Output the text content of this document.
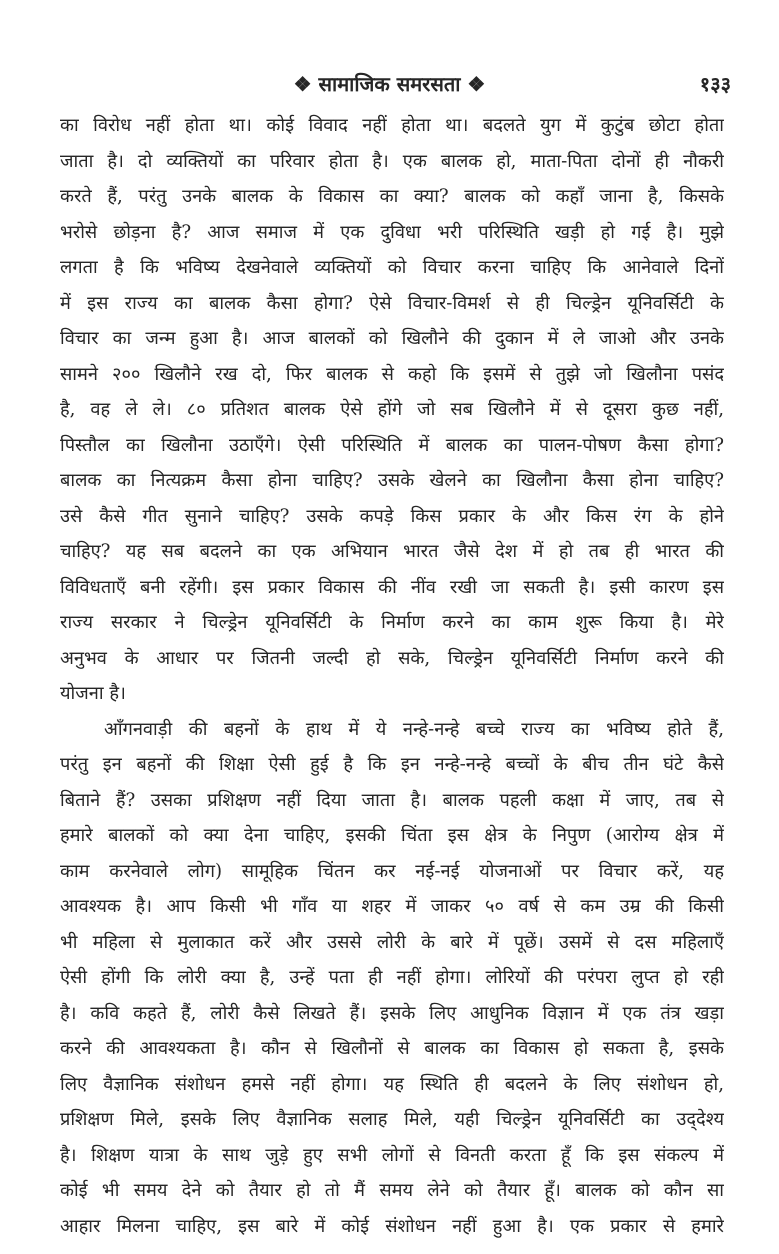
❖ सामाजिक समरसता ❖	१३३
का विरोध नहीं होता था। कोई विवाद नहीं होता था। बदलते युग में कुटुंब छोटा होता
जाता है। दो व्यक्तियों का परिवार होता है। एक बालक हो, माता-पिता दोनों ही नौकरी
करते हैं, परंतु उनके बालक के विकास का क्या? बालक को कहाँ जाना है, किसके
भरोसे छोड़ना है? आज समाज में एक दुविधा भरी परिस्थिति खड़ी हो गई है। मुझे
लगता है कि भविष्य देखनेवाले व्यक्तियों को विचार करना चाहिए कि आनेवाले दिनों
में इस राज्य का बालक कैसा होगा? ऐसे विचार-विमर्श से ही चिल्ड्रेन यूनिवर्सिटी के
विचार का जन्म हुआ है। आज बालकों को खिलौने की दुकान में ले जाओ और उनके
सामने २०० खिलौने रख दो, फिर बालक से कहो कि इसमें से तुझे जो खिलौना पसंद
है, वह ले ले। ८० प्रतिशत बालक ऐसे होंगे जो सब खिलौने में से दूसरा कुछ नहीं,
पिस्तौल का खिलौना उठाएँगे। ऐसी परिस्थिति में बालक का पालन-पोषण कैसा होगा?
बालक का नित्यक्रम कैसा होना चाहिए? उसके खेलने का खिलौना कैसा होना चाहिए?
उसे कैसे गीत सुनाने चाहिए? उसके कपड़े किस प्रकार के और किस रंग के होने
चाहिए? यह सब बदलने का एक अभियान भारत जैसे देश में हो तब ही भारत की
विविधताएँ बनी रहेंगी। इस प्रकार विकास की नींव रखी जा सकती है। इसी कारण इस
राज्य सरकार ने चिल्ड्रेन यूनिवर्सिटी के निर्माण करने का काम शुरू किया है। मेरे
अनुभव के आधार पर जितनी जल्दी हो सके, चिल्ड्रेन यूनिवर्सिटी निर्माण करने की
योजना है।
आँगनवाड़ी की बहनों के हाथ में ये नन्हे-नन्हे बच्चे राज्य का भविष्य होते हैं,
परंतु इन बहनों की शिक्षा ऐसी हुई है कि इन नन्हे-नन्हे बच्चों के बीच तीन घंटे कैसे
बिताने हैं? उसका प्रशिक्षण नहीं दिया जाता है। बालक पहली कक्षा में जाए, तब से
हमारे बालकों को क्या देना चाहिए, इसकी चिंता इस क्षेत्र के निपुण (आरोग्य क्षेत्र में
काम करनेवाले लोग) सामूहिक चिंतन कर नई-नई योजनाओं पर विचार करें, यह
आवश्यक है। आप किसी भी गाँव या शहर में जाकर ५० वर्ष से कम उम्र की किसी
भी महिला से मुलाकात करें और उससे लोरी के बारे में पूछें। उसमें से दस महिलाएँ
ऐसी होंगी कि लोरी क्या है, उन्हें पता ही नहीं होगा। लोरियों की परंपरा लुप्त हो रही
है। कवि कहते हैं, लोरी कैसे लिखते हैं। इसके लिए आधुनिक विज्ञान में एक तंत्र खड़ा
करने की आवश्यकता है। कौन से खिलौनों से बालक का विकास हो सकता है, इसके
लिए वैज्ञानिक संशोधन हमसे नहीं होगा। यह स्थिति ही बदलने के लिए संशोधन हो,
प्रशिक्षण मिले, इसके लिए वैज्ञानिक सलाह मिले, यही चिल्ड्रेन यूनिवर्सिटी का उद्‌देश्य
है। शिक्षण यात्रा के साथ जुड़े हुए सभी लोगों से विनती करता हूँ कि इस संकल्प में
कोई भी समय देने को तैयार हो तो मैं समय लेने को तैयार हूँ। बालक को कौन सा
आहार मिलना चाहिए, इस बारे में कोई संशोधन नहीं हुआ है। एक प्रकार से हमारे
